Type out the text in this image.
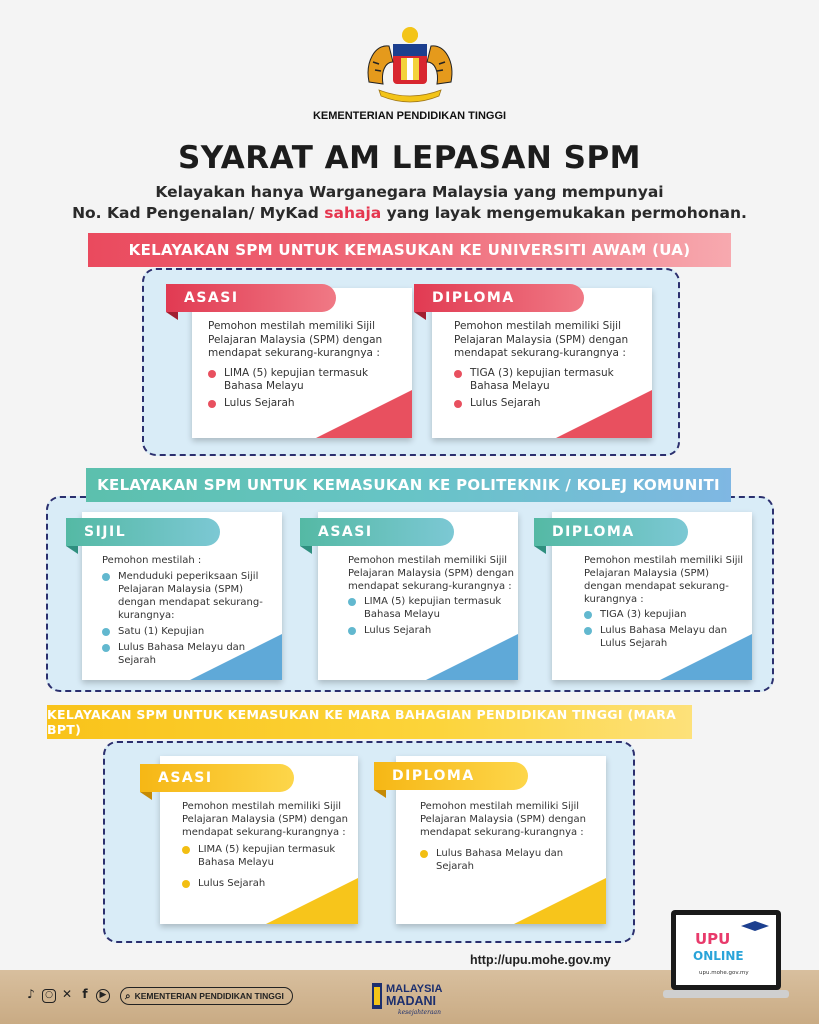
KEMENTERIAN PENDIDIKAN TINGGI
SYARAT AM LEPASAN SPM
Kelayakan hanya Warganegara Malaysia yang mempunyai
No. Kad Pengenalan/ MyKad sahaja yang layak mengemukakan permohonan.
KELAYAKAN SPM UNTUK KEMASUKAN KE UNIVERSITI AWAM (UA)
Pemohon mestilah memiliki Sijil Pelajaran Malaysia (SPM) dengan mendapat sekurang-kurangnya :
LIMA (5) kepujian termasuk Bahasa Melayu
Lulus Sejarah
ASASI
Pemohon mestilah memiliki Sijil Pelajaran Malaysia (SPM) dengan mendapat sekurang-kurangnya :
TIGA (3) kepujian termasuk Bahasa Melayu
Lulus Sejarah
DIPLOMA
KELAYAKAN SPM UNTUK KEMASUKAN KE POLITEKNIK / KOLEJ KOMUNITI
Pemohon mestilah :
Menduduki peperiksaan Sijil Pelajaran Malaysia (SPM) dengan mendapat sekurang-kurangnya:
Satu (1) Kepujian
Lulus Bahasa Melayu dan Sejarah
SIJIL
Pemohon mestilah memiliki Sijil Pelajaran Malaysia (SPM) dengan mendapat sekurang-kurangnya :
LIMA (5) kepujian termasuk Bahasa Melayu
Lulus Sejarah
ASASI
Pemohon mestilah memiliki Sijil Pelajaran Malaysia (SPM) dengan mendapat sekurang-kurangnya :
TIGA (3) kepujian
Lulus Bahasa Melayu dan Lulus Sejarah
DIPLOMA
KELAYAKAN SPM UNTUK KEMASUKAN KE MARA BAHAGIAN PENDIDIKAN TINGGI (MARA BPT)
Pemohon mestilah memiliki Sijil Pelajaran Malaysia (SPM) dengan mendapat sekurang-kurangnya :
LIMA (5) kepujian termasuk Bahasa Melayu
Lulus Sejarah
ASASI
Pemohon mestilah memiliki Sijil Pelajaran Malaysia (SPM) dengan mendapat sekurang-kurangnya :
Lulus Bahasa Melayu dan Sejarah
DIPLOMA
http://upu.mohe.gov.my
♪	○ ✕ f	▶	⌕ KEMENTERIAN PENDIDIKAN TINGGI
MALAYSIA
MADANI
kesejahteraan
UPU
ONLINE
upu.mohe.gov.my
